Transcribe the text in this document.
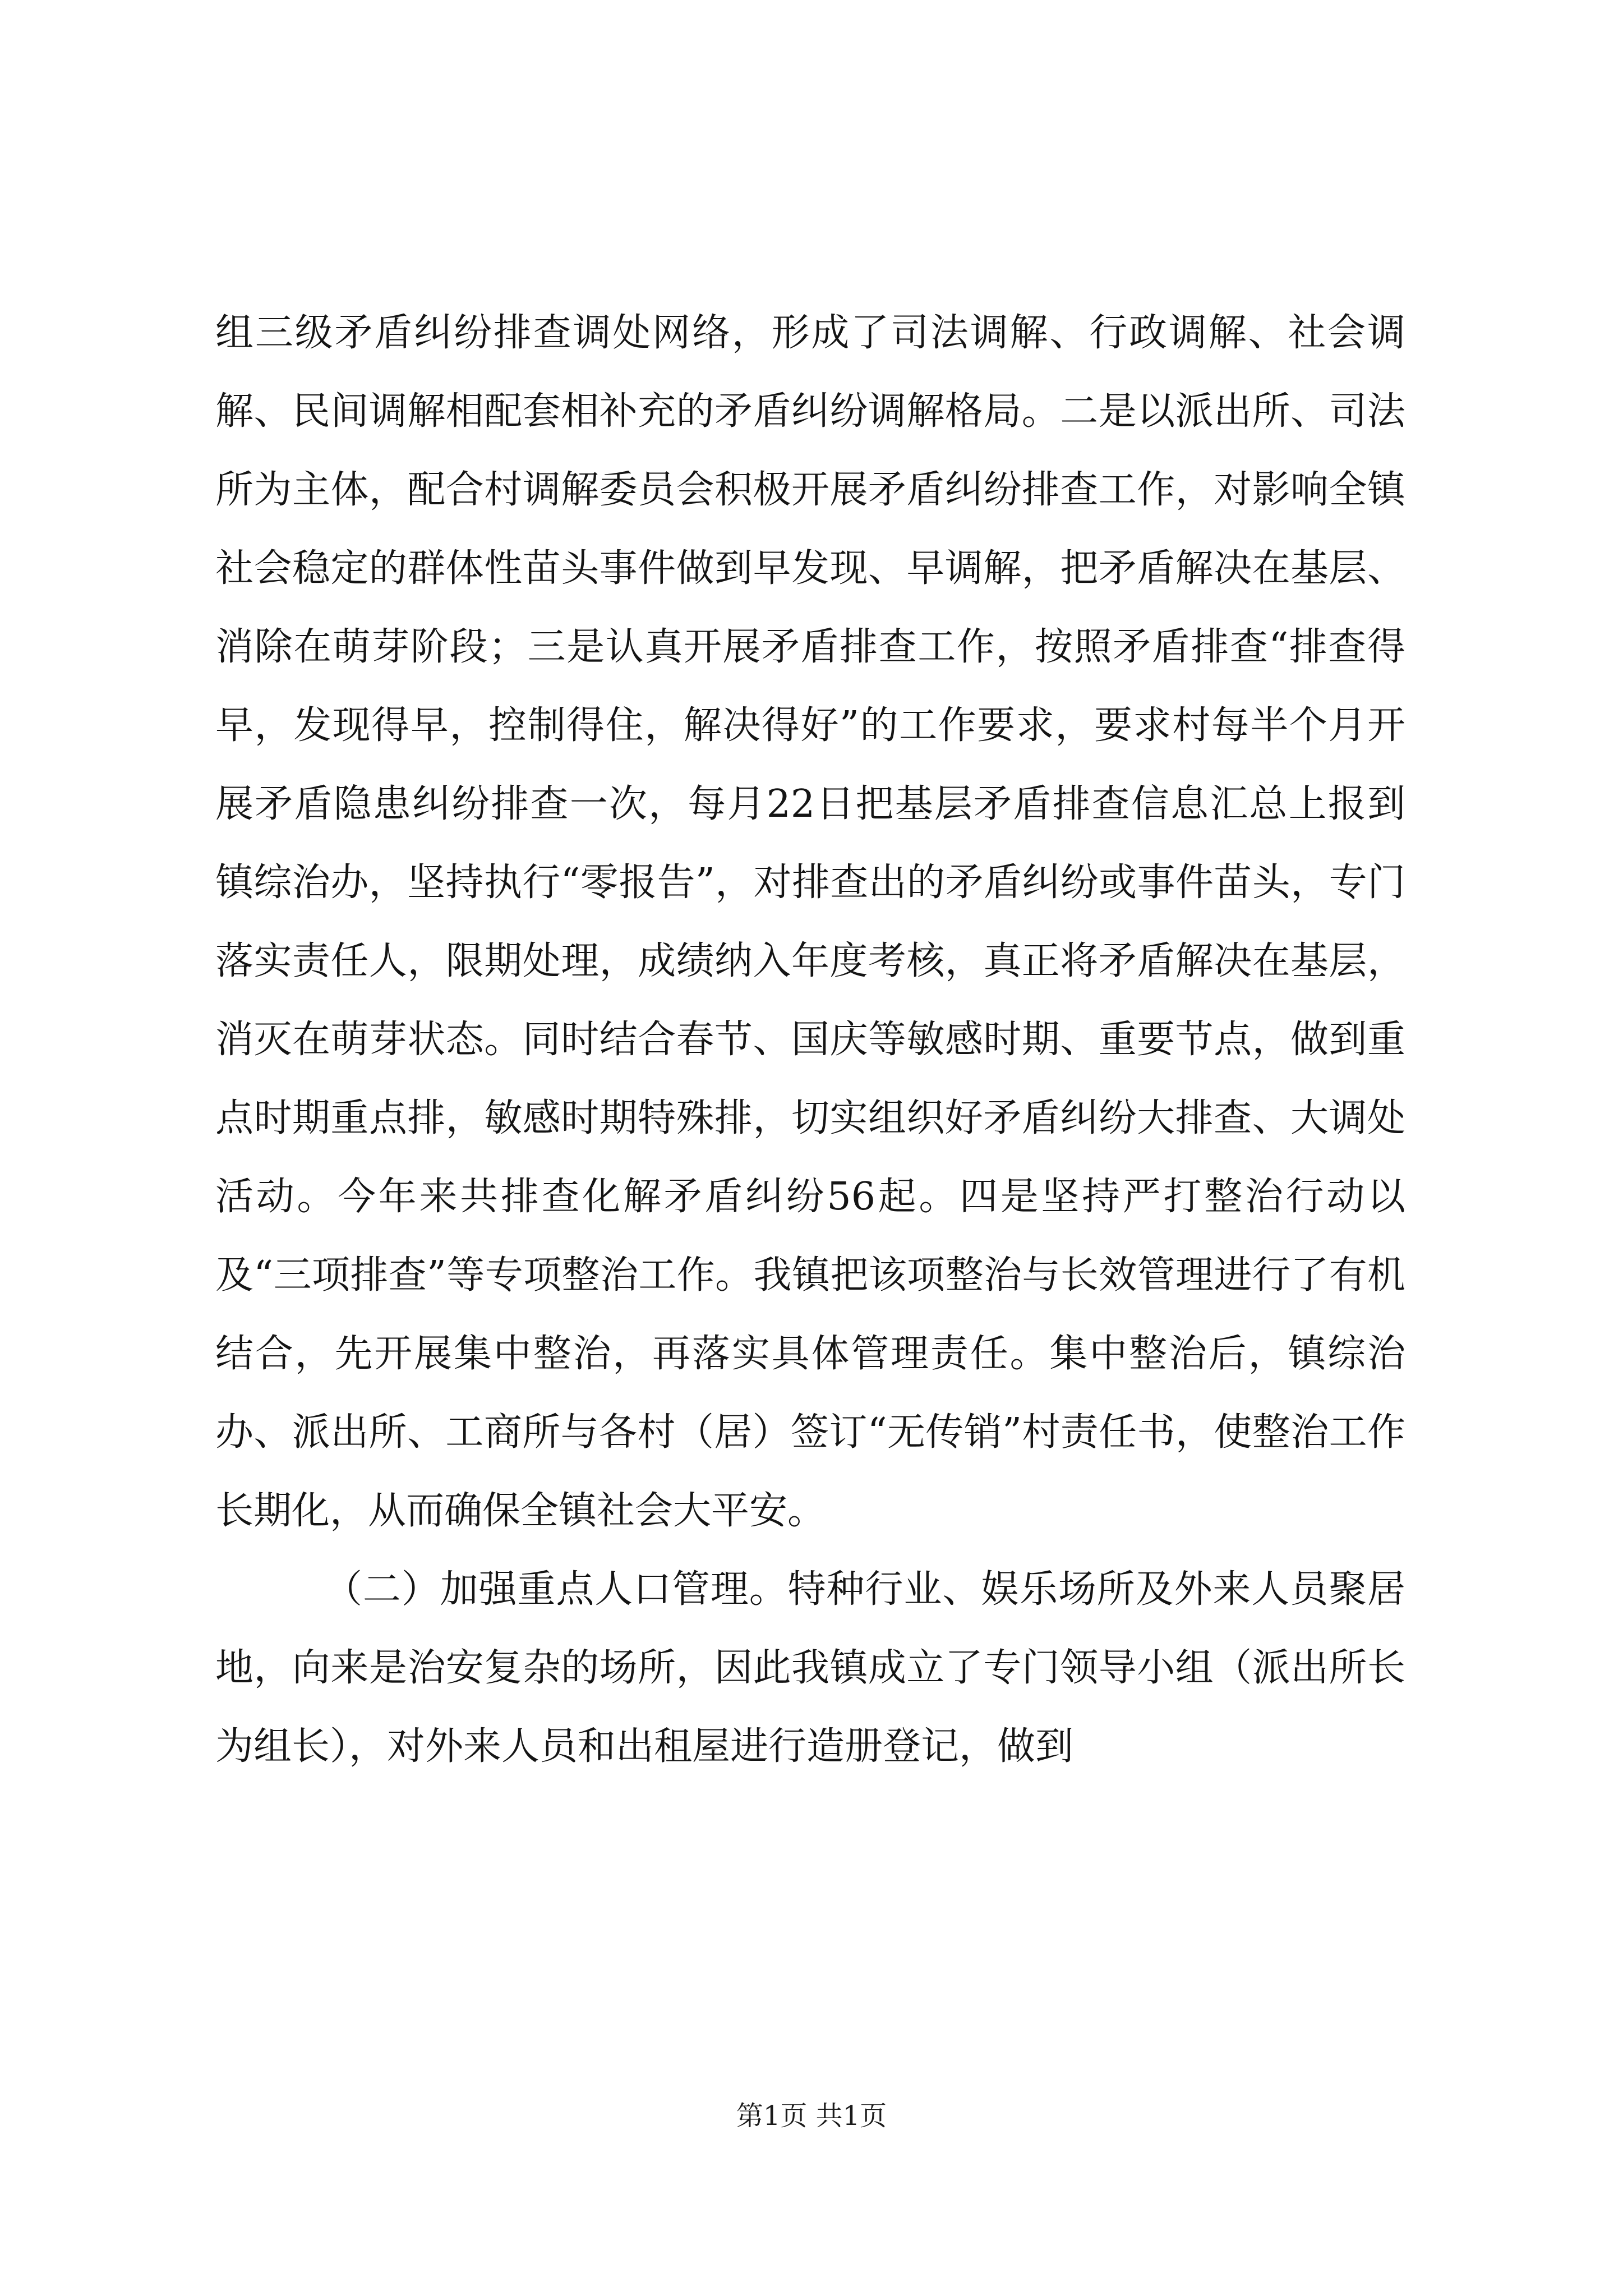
组三级矛盾纠纷排查调处网络，形成了司法调解、行政调解、社会调解、民间调解相配套相补充的矛盾纠纷调解格局。二是以派出所、司法所为主体，配合村调解委员会积极开展矛盾纠纷排查工作，对影响全镇社会稳定的群体性苗头事件做到早发现、早调解，把矛盾解决在基层、消除在萌芽阶段；三是认真开展矛盾排查工作，按照矛盾排查“排查得早，发现得早，控制得住，解决得好”的工作要求，要求村每半个月开展矛盾隐患纠纷排查一次，每月22日把基层矛盾排查信息汇总上报到镇综治办，坚持执行“零报告”，对排查出的矛盾纠纷或事件苗头，专门落实责任人，限期处理，成绩纳入年度考核，真正将矛盾解决在基层，消灭在萌芽状态。同时结合春节、国庆等敏感时期、重要节点，做到重点时期重点排，敏感时期特殊排，切实组织好矛盾纠纷大排查、大调处活动。今年来共排查化解矛盾纠纷56起。四是坚持严打整治行动以及“三项排查”等专项整治工作。我镇把该项整治与长效管理进行了有机结合，先开展集中整治，再落实具体管理责任。集中整治后，镇综治办、派出所、工商所与各村（居）签订“无传销”村责任书，使整治工作长期化，从而确保全镇社会大平安。

（二）加强重点人口管理。特种行业、娱乐场所及外来人员聚居地，向来是治安复杂的场所，因此我镇成立了专门领导小组（派出所长为组长），对外来人员和出租屋进行造册登记，做到

第1页 共1页
